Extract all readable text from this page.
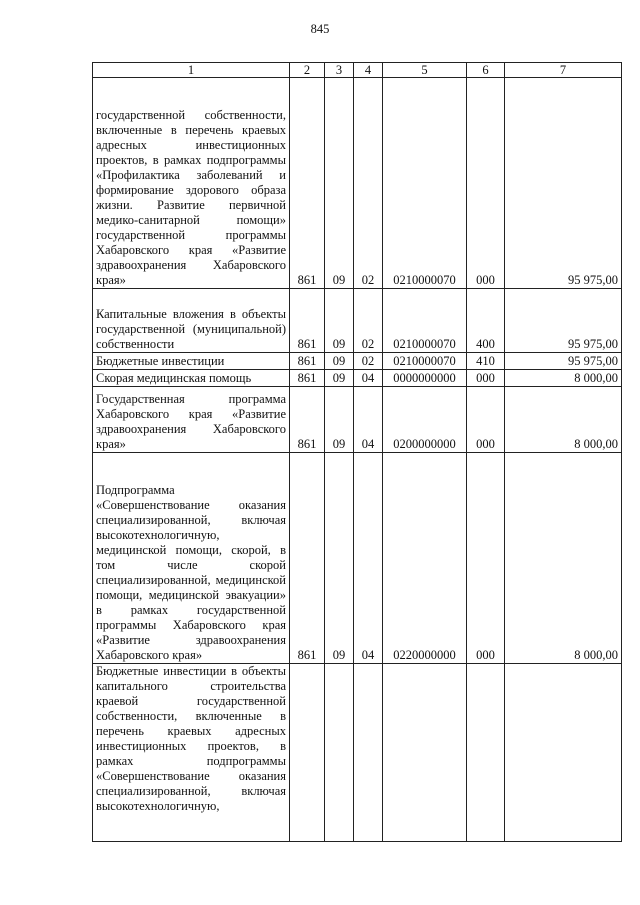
845
1	2	3	4	5	6	7
государственной собственности, включенные в перечень краевых адресных инвестиционных проектов, в рамках подпрограммы «Профилактика заболеваний и формирование здорового образа жизни. Развитие первичной медико-санитарной помощи» государственной программы Хабаровского края «Развитие здравоохранения Хабаровского края»	861	09	02	0210000070	000	95 975,00
Капитальные вложения в объекты государственной (муниципальной) собственности	861	09	02	0210000070	400	95 975,00
Бюджетные инвестиции	861	09	02	0210000070	410	95 975,00
Скорая медицинская помощь	861	09	04	0000000000	000	8 000,00
Государственная программа Хабаровского края «Развитие здравоохранения Хабаровского края»	861	09	04	0200000000	000	8 000,00
Подпрограмма «Совершенствование оказания специализированной, включая высокотехнологичную, медицинской помощи, скорой, в том числе скорой специализированной, медицинской помощи, медицинской эвакуации» в рамках государственной программы Хабаровского края «Развитие здравоохранения Хабаровского края»	861	09	04	0220000000	000	8 000,00
Бюджетные инвестиции в объекты капитального строительства краевой государственной собственности, включенные в перечень краевых адресных инвестиционных проектов, в рамках подпрограммы «Совершенствование оказания специализированной, включая высокотехнологичную,						
